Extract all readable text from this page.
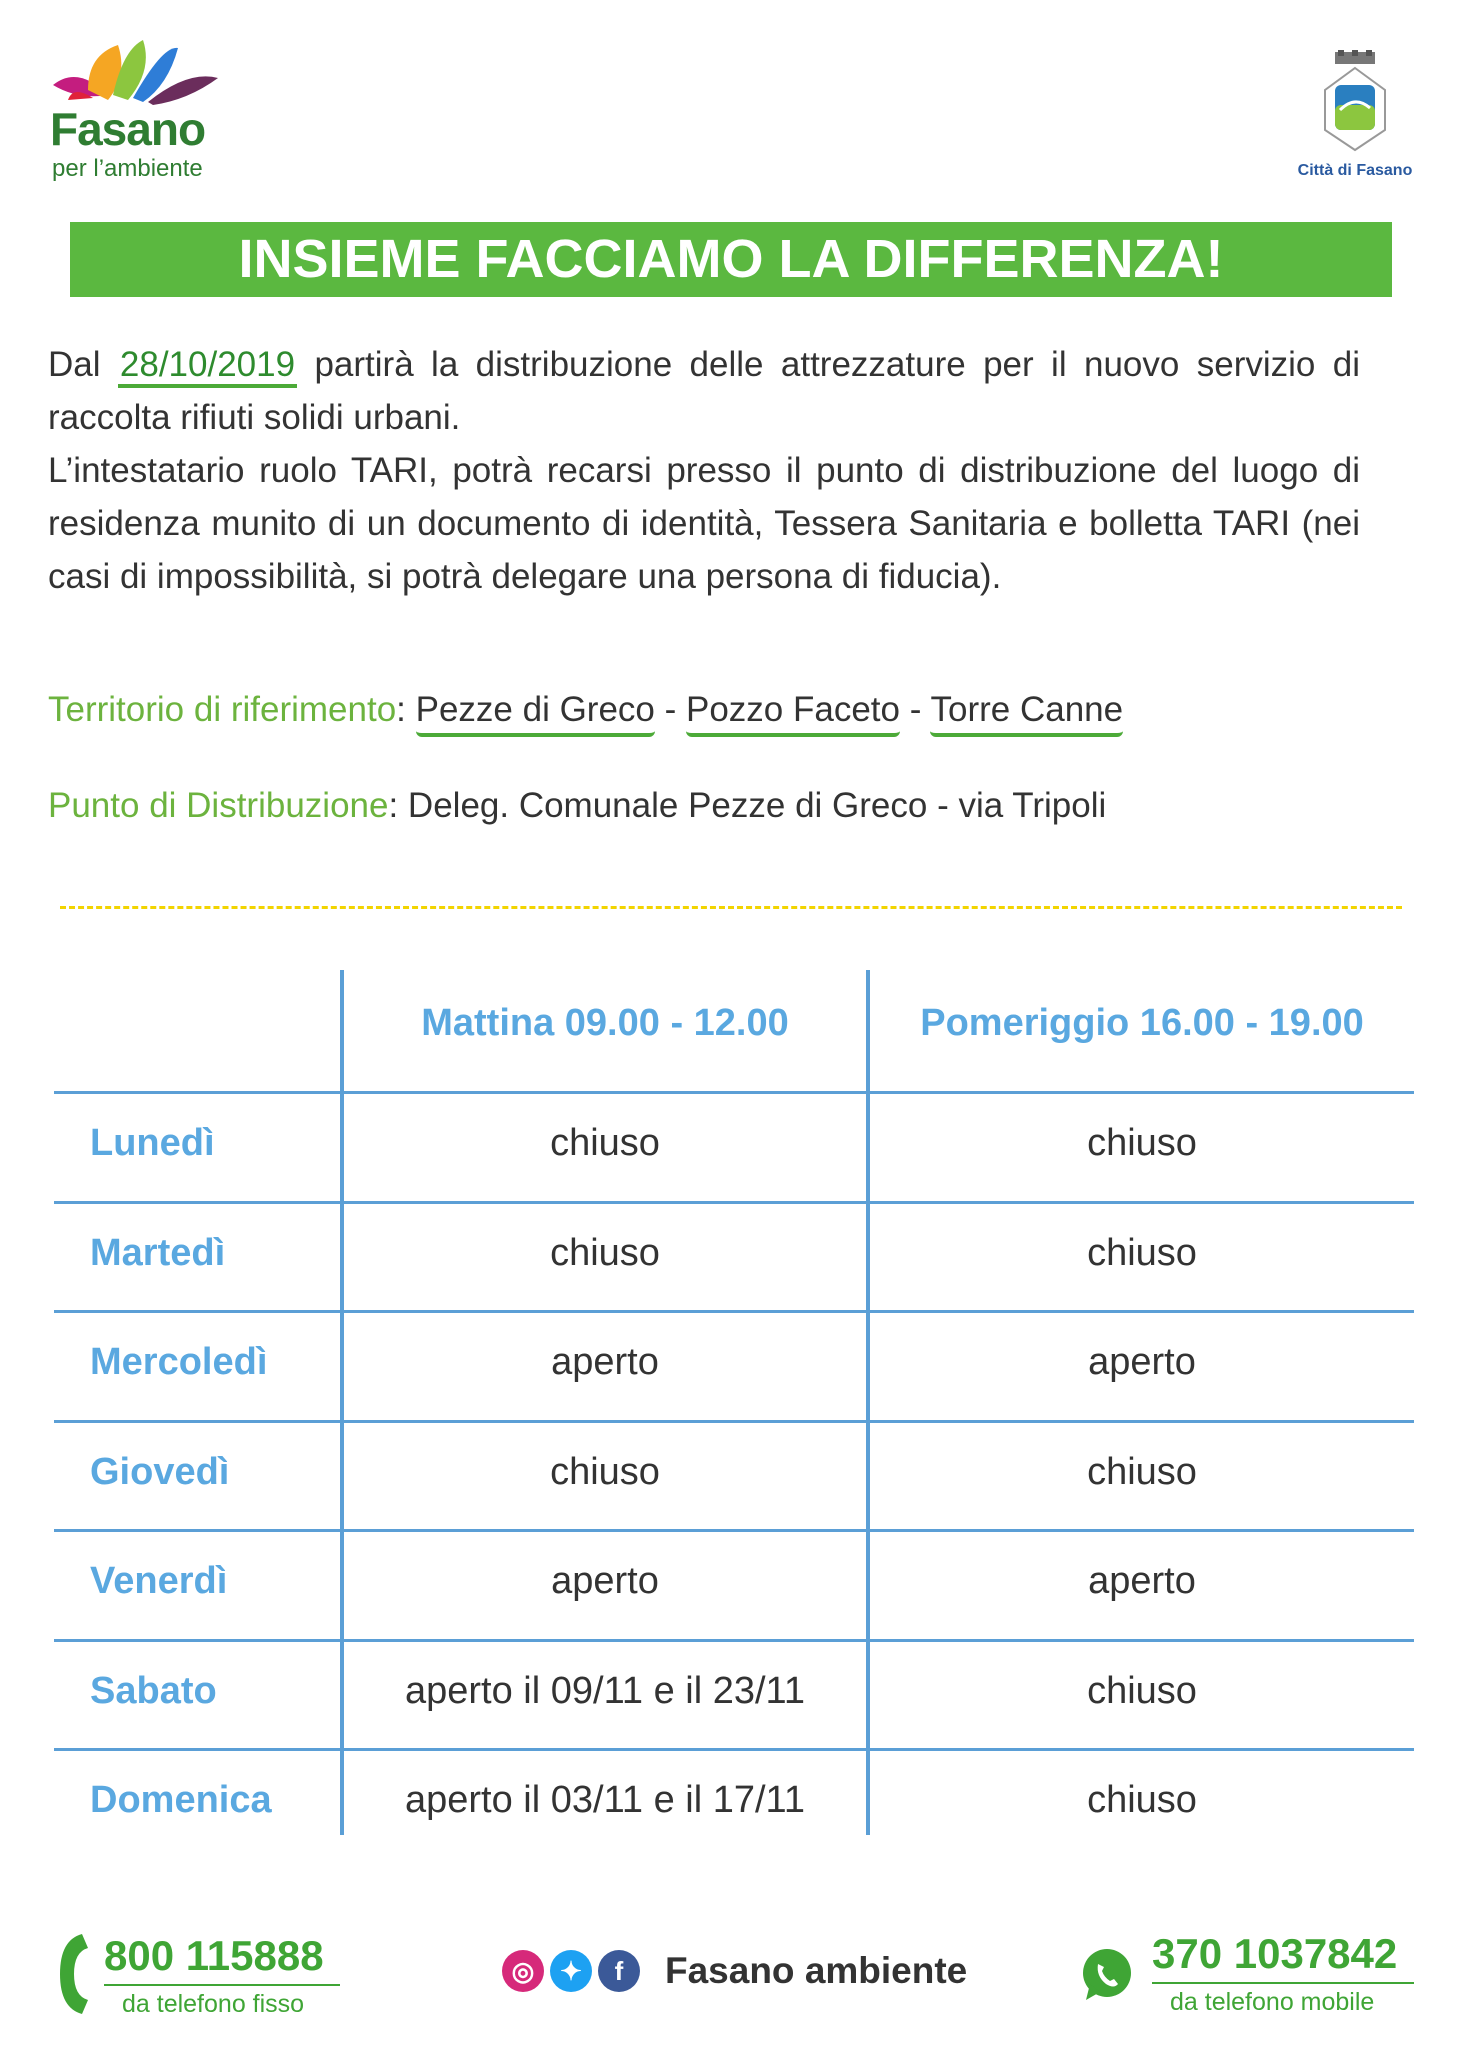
Fasano
per l’ambiente	Città di Fasano
INSIEME FACCIAMO LA DIFFERENZA!
Dal 28/10/2019 partirà la distribuzione delle attrezzature per il nuovo servizio di raccolta rifiuti solidi urbani.
L’intestatario ruolo TARI, potrà recarsi presso il punto di distribuzione del luogo di residenza munito di un documento di identità, Tessera Sanitaria e bolletta TARI (nei casi di impossibilità, si potrà delegare una persona di fiducia).
Territorio di riferimento: Pezze di Greco - Pozzo Faceto - Torre Canne
Punto di Distribuzione: Deleg. Comunale Pezze di Greco - via Tripoli
Mattina 09.00 - 12.00	Pomeriggio 16.00 - 19.00
Lunedì	chiuso	chiuso
Martedì	chiuso	chiuso
Mercoledì	aperto	aperto
Giovedì	chiuso	chiuso
Venerdì	aperto	aperto
Sabato	aperto il 09/11 e il 23/11	chiuso
Domenica	aperto il 03/11 e il 17/11	chiuso
800 115888
da telefono fisso
◎ ✦	f	Fasano ambiente	370 1037842
da telefono mobile
